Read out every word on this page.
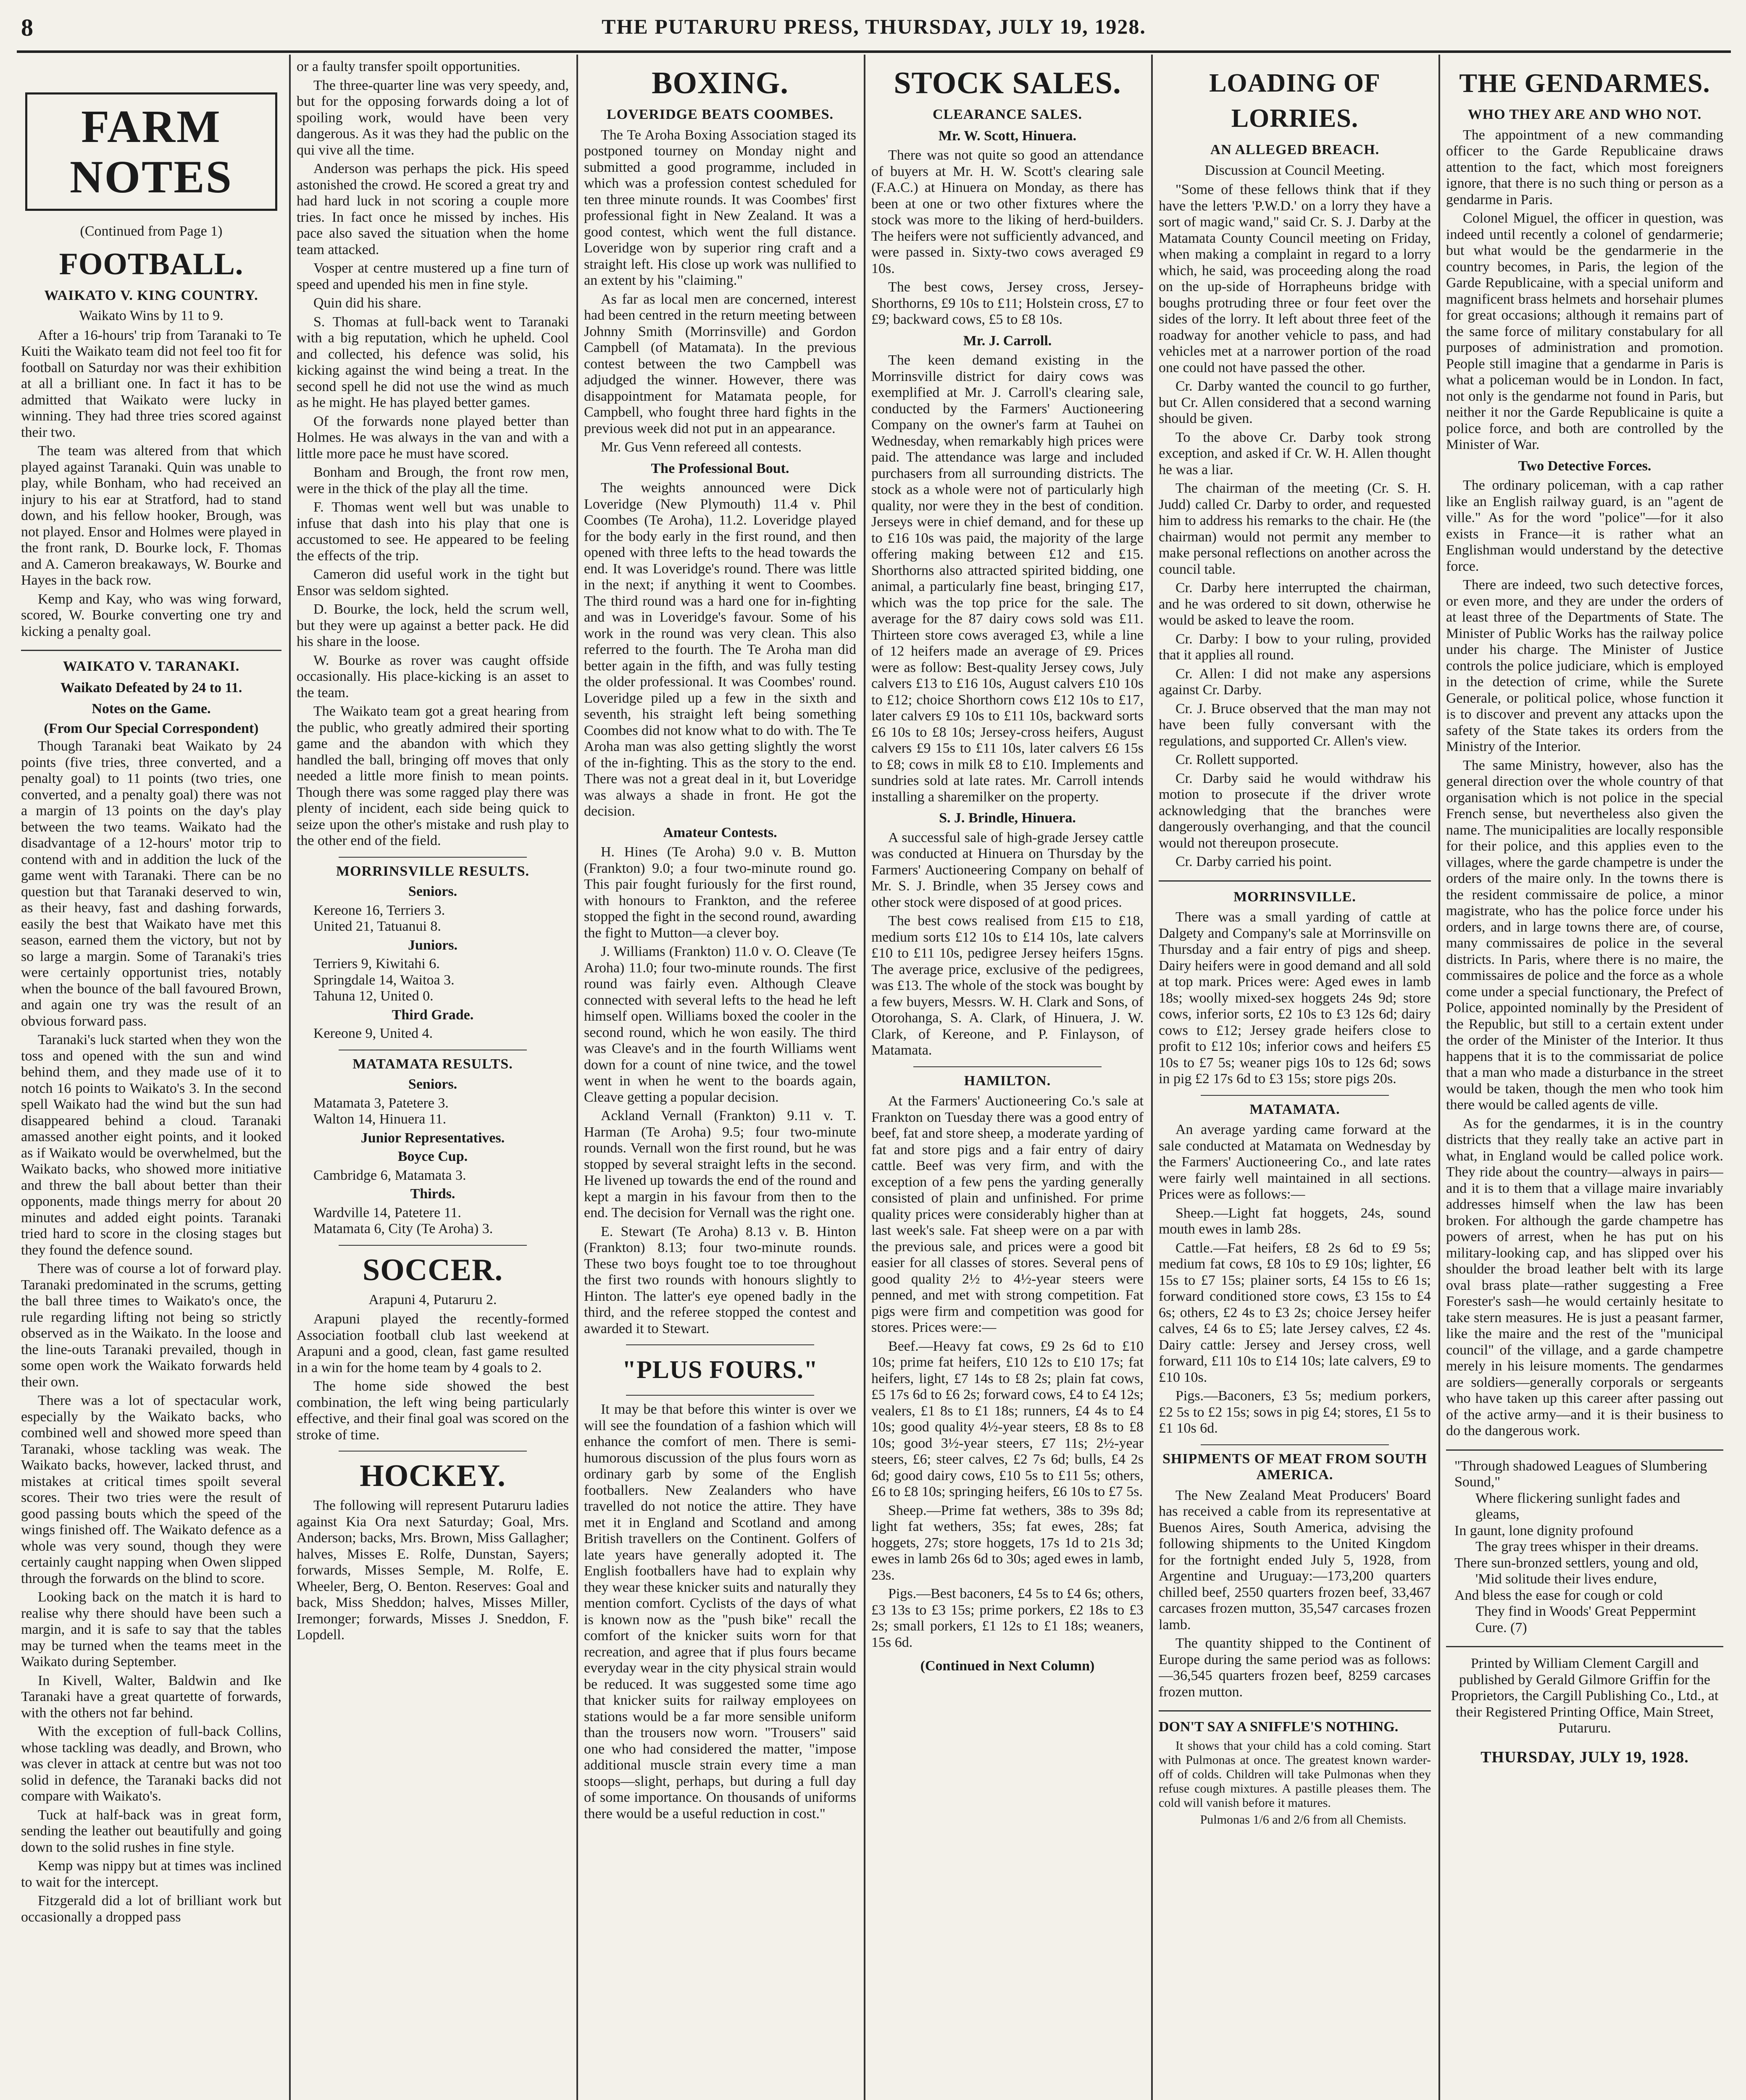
8	THE PUTARURU PRESS, THURSDAY, JULY 19, 1928.
FARM NOTES
(Continued from Page 1)
FOOTBALL.
WAIKATO V. KING COUNTRY.
Waikato Wins by 11 to 9.

After a 16-hours' trip from Taranaki to Te Kuiti the Waikato team did not feel too fit for football on Saturday nor was their exhibition at all a brilliant one. In fact it has to be admitted that Waikato were lucky in winning. They had three tries scored against their two.

The team was altered from that which played against Taranaki. Quin was unable to play, while Bonham, who had received an injury to his ear at Stratford, had to stand down, and his fellow hooker, Brough, was not played. Ensor and Holmes were played in the front rank, D. Bourke lock, F. Thomas and A. Cameron breakaways, W. Bourke and Hayes in the back row.

Kemp and Kay, who was wing forward, scored, W. Bourke converting one try and kicking a penalty goal.

WAIKATO V. TARANAKI.
Waikato Defeated by 24 to 11.
Notes on the Game.
(From Our Special Correspondent)

Though Taranaki beat Waikato by 24 points (five tries, three converted, and a penalty goal) to 11 points (two tries, one converted, and a penalty goal) there was not a margin of 13 points on the day's play between the two teams. Waikato had the disadvantage of a 12-hours' motor trip to contend with and in addition the luck of the game went with Taranaki. There can be no question but that Taranaki deserved to win, as their heavy, fast and dashing forwards, easily the best that Waikato have met this season, earned them the victory, but not by so large a margin. Some of Taranaki's tries were certainly opportunist tries, notably when the bounce of the ball favoured Brown, and again one try was the result of an obvious forward pass.

Taranaki's luck started when they won the toss and opened with the sun and wind behind them, and they made use of it to notch 16 points to Waikato's 3. In the second spell Waikato had the wind but the sun had disappeared behind a cloud. Taranaki amassed another eight points, and it looked as if Waikato would be overwhelmed, but the Waikato backs, who showed more initiative and threw the ball about better than their opponents, made things merry for about 20 minutes and added eight points. Taranaki tried hard to score in the closing stages but they found the defence sound.

There was of course a lot of forward play. Taranaki predominated in the scrums, getting the ball three times to Waikato's once, the rule regarding lifting not being so strictly observed as in the Waikato. In the loose and the line-outs Taranaki prevailed, though in some open work the Waikato forwards held their own.

There was a lot of spectacular work, especially by the Waikato backs, who combined well and showed more speed than Taranaki, whose tackling was weak. The Waikato backs, however, lacked thrust, and mistakes at critical times spoilt several scores. Their two tries were the result of good passing bouts which the speed of the wings finished off. The Waikato defence as a whole was very sound, though they were certainly caught napping when Owen slipped through the forwards on the blind to score.

Looking back on the match it is hard to realise why there should have been such a margin, and it is safe to say that the tables may be turned when the teams meet in the Waikato during September.

In Kivell, Walter, Baldwin and Ike Taranaki have a great quartette of forwards, with the others not far behind.

With the exception of full-back Collins, whose tackling was deadly, and Brown, who was clever in attack at centre but was not too solid in defence, the Taranaki backs did not compare with Waikato's.

Tuck at half-back was in great form, sending the leather out beautifully and going down to the solid rushes in fine style.

Kemp was nippy but at times was inclined to wait for the intercept.

Fitzgerald did a lot of brilliant work but occasionally a dropped pass

or a faulty transfer spoilt opportunities.

The three-quarter line was very speedy, and, but for the opposing forwards doing a lot of spoiling work, would have been very dangerous. As it was they had the public on the qui vive all the time.

Anderson was perhaps the pick. His speed astonished the crowd. He scored a great try and had hard luck in not scoring a couple more tries. In fact once he missed by inches. His pace also saved the situation when the home team attacked.

Vosper at centre mustered up a fine turn of speed and upended his men in fine style.

Quin did his share.

S. Thomas at full-back went to Taranaki with a big reputation, which he upheld. Cool and collected, his defence was solid, his kicking against the wind being a treat. In the second spell he did not use the wind as much as he might. He has played better games.

Of the forwards none played better than Holmes. He was always in the van and with a little more pace he must have scored.

Bonham and Brough, the front row men, were in the thick of the play all the time.

F. Thomas went well but was unable to infuse that dash into his play that one is accustomed to see. He appeared to be feeling the effects of the trip.

Cameron did useful work in the tight but Ensor was seldom sighted.

D. Bourke, the lock, held the scrum well, but they were up against a better pack. He did his share in the loose.

W. Bourke as rover was caught offside occasionally. His place-kicking is an asset to the team.

The Waikato team got a great hearing from the public, who greatly admired their sporting game and the abandon with which they handled the ball, bringing off moves that only needed a little more finish to mean points. Though there was some ragged play there was plenty of incident, each side being quick to seize upon the other's mistake and rush play to the other end of the field.

MORRINSVILLE RESULTS.
Seniors.
Kereone 16, Terriers 3.
United 21, Tatuanui 8.
Juniors.
Terriers 9, Kiwitahi 6.
Springdale 14, Waitoa 3.
Tahuna 12, United 0.
Third Grade.
Kereone 9, United 4.
MATAMATA RESULTS.
Seniors.
Matamata 3, Patetere 3.
Walton 14, Hinuera 11.
Junior Representatives.
Boyce Cup.
Cambridge 6, Matamata 3.
Thirds.
Wardville 14, Patetere 11.
Matamata 6, City (Te Aroha) 3.
SOCCER.
Arapuni 4, Putaruru 2.

Arapuni played the recently-formed Association football club last weekend at Arapuni and a good, clean, fast game resulted in a win for the home team by 4 goals to 2.

The home side showed the best combination, the left wing being particularly effective, and their final goal was scored on the stroke of time.

HOCKEY.

The following will represent Putaruru ladies against Kia Ora next Saturday; Goal, Mrs. Anderson; backs, Mrs. Brown, Miss Gallagher; halves, Misses E. Rolfe, Dunstan, Sayers; forwards, Misses Semple, M. Rolfe, E. Wheeler, Berg, O. Benton. Reserves: Goal and back, Miss Sheddon; halves, Misses Miller, Iremonger; forwards, Misses J. Sneddon, F. Lopdell.

BOXING.
LOVERIDGE BEATS COOMBES.

The Te Aroha Boxing Association staged its postponed tourney on Monday night and submitted a good programme, included in which was a profession contest scheduled for ten three minute rounds. It was Coombes' first professional fight in New Zealand. It was a good contest, which went the full distance. Loveridge won by superior ring craft and a straight left. His close up work was nullified to an extent by his "claiming."

As far as local men are concerned, interest had been centred in the return meeting between Johnny Smith (Morrinsville) and Gordon Campbell (of Matamata). In the previous contest between the two Campbell was adjudged the winner. However, there was disappointment for Matamata people, for Campbell, who fought three hard fights in the previous week did not put in an appearance.

Mr. Gus Venn refereed all contests.

The Professional Bout.

The weights announced were Dick Loveridge (New Plymouth) 11.4 v. Phil Coombes (Te Aroha), 11.2. Loveridge played for the body early in the first round, and then opened with three lefts to the head towards the end. It was Loveridge's round. There was little in the next; if anything it went to Coombes. The third round was a hard one for in-fighting and was in Loveridge's favour. Some of his work in the round was very clean. This also referred to the fourth. The Te Aroha man did better again in the fifth, and was fully testing the older professional. It was Coombes' round. Loveridge piled up a few in the sixth and seventh, his straight left being something Coombes did not know what to do with. The Te Aroha man was also getting slightly the worst of the in-fighting. This as the story to the end. There was not a great deal in it, but Loveridge was always a shade in front. He got the decision.

Amateur Contests.

H. Hines (Te Aroha) 9.0 v. B. Mutton (Frankton) 9.0; a four two-minute round go. This pair fought furiously for the first round, with honours to Frankton, and the referee stopped the fight in the second round, awarding the fight to Mutton—a clever boy.

J. Williams (Frankton) 11.0 v. O. Cleave (Te Aroha) 11.0; four two-minute rounds. The first round was fairly even. Although Cleave connected with several lefts to the head he left himself open. Williams boxed the cooler in the second round, which he won easily. The third was Cleave's and in the fourth Williams went down for a count of nine twice, and the towel went in when he went to the boards again, Cleave getting a popular decision.

Ackland Vernall (Frankton) 9.11 v. T. Harman (Te Aroha) 9.5; four two-minute rounds. Vernall won the first round, but he was stopped by several straight lefts in the second. He livened up towards the end of the round and kept a margin in his favour from then to the end. The decision for Vernall was the right one.

E. Stewart (Te Aroha) 8.13 v. B. Hinton (Frankton) 8.13; four two-minute rounds. These two boys fought toe to toe throughout the first two rounds with honours slightly to Hinton. The latter's eye opened badly in the third, and the referee stopped the contest and awarded it to Stewart.

"PLUS FOURS."

It may be that before this winter is over we will see the foundation of a fashion which will enhance the comfort of men. There is semi-humorous discussion of the plus fours worn as ordinary garb by some of the English footballers. New Zealanders who have travelled do not notice the attire. They have met it in England and Scotland and among British travellers on the Continent. Golfers of late years have generally adopted it. The English footballers have had to explain why they wear these knicker suits and naturally they mention comfort. Cyclists of the days of what is known now as the "push bike" recall the comfort of the knicker suits worn for that recreation, and agree that if plus fours became everyday wear in the city physical strain would be reduced. It was suggested some time ago that knicker suits for railway employees on stations would be a far more sensible uniform than the trousers now worn. "Trousers" said one who had considered the matter, "impose additional muscle strain every time a man stoops—slight, perhaps, but during a full day of some importance. On thousands of uniforms there would be a useful reduction in cost."

STOCK SALES.
CLEARANCE SALES.
Mr. W. Scott, Hinuera.

There was not quite so good an attendance of buyers at Mr. H. W. Scott's clearing sale (F.A.C.) at Hinuera on Monday, as there has been at one or two other fixtures where the stock was more to the liking of herd-builders. The heifers were not sufficiently advanced, and were passed in. Sixty-two cows averaged £9 10s.

The best cows, Jersey cross, Jersey-Shorthorns, £9 10s to £11; Holstein cross, £7 to £9; backward cows, £5 to £8 10s.

Mr. J. Carroll.

The keen demand existing in the Morrinsville district for dairy cows was exemplified at Mr. J. Carroll's clearing sale, conducted by the Farmers' Auctioneering Company on the owner's farm at Tauhei on Wednesday, when remarkably high prices were paid. The attendance was large and included purchasers from all surrounding districts. The stock as a whole were not of particularly high quality, nor were they in the best of condition. Jerseys were in chief demand, and for these up to £16 10s was paid, the majority of the large offering making between £12 and £15. Shorthorns also attracted spirited bidding, one animal, a particularly fine beast, bringing £17, which was the top price for the sale. The average for the 87 dairy cows sold was £11. Thirteen store cows averaged £3, while a line of 12 heifers made an average of £9. Prices were as follow: Best-quality Jersey cows, July calvers £13 to £16 10s, August calvers £10 10s to £12; choice Shorthorn cows £12 10s to £17, later calvers £9 10s to £11 10s, backward sorts £6 10s to £8 10s; Jersey-cross heifers, August calvers £9 15s to £11 10s, later calvers £6 15s to £8; cows in milk £8 to £10. Implements and sundries sold at late rates. Mr. Carroll intends installing a sharemilker on the property.

S. J. Brindle, Hinuera.

A successful sale of high-grade Jersey cattle was conducted at Hinuera on Thursday by the Farmers' Auctioneering Company on behalf of Mr. S. J. Brindle, when 35 Jersey cows and other stock were disposed of at good prices.

The best cows realised from £15 to £18, medium sorts £12 10s to £14 10s, late calvers £10 to £11 10s, pedigree Jersey heifers 15gns. The average price, exclusive of the pedigrees, was £13. The whole of the stock was bought by a few buyers, Messrs. W. H. Clark and Sons, of Otorohanga, S. A. Clark, of Hinuera, J. W. Clark, of Kereone, and P. Finlayson, of Matamata.

HAMILTON.

At the Farmers' Auctioneering Co.'s sale at Frankton on Tuesday there was a good entry of beef, fat and store sheep, a moderate yarding of fat and store pigs and a fair entry of dairy cattle. Beef was very firm, and with the exception of a few pens the yarding generally consisted of plain and unfinished. For prime quality prices were considerably higher than at last week's sale. Fat sheep were on a par with the previous sale, and prices were a good bit easier for all classes of stores. Several pens of good quality 2½ to 4½-year steers were penned, and met with strong competition. Fat pigs were firm and competition was good for stores. Prices were:—

Beef.—Heavy fat cows, £9 2s 6d to £10 10s; prime fat heifers, £10 12s to £10 17s; fat heifers, light, £7 14s to £8 2s; plain fat cows, £5 17s 6d to £6 2s; forward cows, £4 to £4 12s; vealers, £1 8s to £1 18s; runners, £4 4s to £4 10s; good quality 4½-year steers, £8 8s to £8 10s; good 3½-year steers, £7 11s; 2½-year steers, £6; steer calves, £2 7s 6d; bulls, £4 2s 6d; good dairy cows, £10 5s to £11 5s; others, £6 to £8 10s; springing heifers, £6 10s to £7 5s.

Sheep.—Prime fat wethers, 38s to 39s 8d; light fat wethers, 35s; fat ewes, 28s; fat hoggets, 27s; store hoggets, 17s 1d to 21s 3d; ewes in lamb 26s 6d to 30s; aged ewes in lamb, 23s.

Pigs.—Best baconers, £4 5s to £4 6s; others, £3 13s to £3 15s; prime porkers, £2 18s to £3 2s; small porkers, £1 12s to £1 18s; weaners, 15s 6d.

(Continued in Next Column)
LOADING OF LORRIES.
AN ALLEGED BREACH.
Discussion at Council Meeting.

"Some of these fellows think that if they have the letters 'P.W.D.' on a lorry they have a sort of magic wand," said Cr. S. J. Darby at the Matamata County Council meeting on Friday, when making a complaint in regard to a lorry which, he said, was proceeding along the road on the up-side of Horrapheuns bridge with boughs protruding three or four feet over the sides of the lorry. It left about three feet of the roadway for another vehicle to pass, and had vehicles met at a narrower portion of the road one could not have passed the other.

Cr. Darby wanted the council to go further, but Cr. Allen considered that a second warning should be given.

To the above Cr. Darby took strong exception, and asked if Cr. W. H. Allen thought he was a liar.

The chairman of the meeting (Cr. S. H. Judd) called Cr. Darby to order, and requested him to address his remarks to the chair. He (the chairman) would not permit any member to make personal reflections on another across the council table.

Cr. Darby here interrupted the chairman, and he was ordered to sit down, otherwise he would be asked to leave the room.

Cr. Darby: I bow to your ruling, provided that it applies all round.

Cr. Allen: I did not make any aspersions against Cr. Darby.

Cr. J. Bruce observed that the man may not have been fully conversant with the regulations, and supported Cr. Allen's view.

Cr. Rollett supported.

Cr. Darby said he would withdraw his motion to prosecute if the driver wrote acknowledging that the branches were dangerously overhanging, and that the council would not thereupon prosecute.

Cr. Darby carried his point.

MORRINSVILLE.

There was a small yarding of cattle at Dalgety and Company's sale at Morrinsville on Thursday and a fair entry of pigs and sheep. Dairy heifers were in good demand and all sold at top mark. Prices were: Aged ewes in lamb 18s; woolly mixed-sex hoggets 24s 9d; store cows, inferior sorts, £2 10s to £3 12s 6d; dairy cows to £12; Jersey grade heifers close to profit to £12 10s; inferior cows and heifers £5 10s to £7 5s; weaner pigs 10s to 12s 6d; sows in pig £2 17s 6d to £3 15s; store pigs 20s.

MATAMATA.

An average yarding came forward at the sale conducted at Matamata on Wednesday by the Farmers' Auctioneering Co., and late rates were fairly well maintained in all sections. Prices were as follows:—

Sheep.—Light fat hoggets, 24s, sound mouth ewes in lamb 28s.

Cattle.—Fat heifers, £8 2s 6d to £9 5s; medium fat cows, £8 10s to £9 10s; lighter, £6 15s to £7 15s; plainer sorts, £4 15s to £6 1s; forward conditioned store cows, £3 15s to £4 6s; others, £2 4s to £3 2s; choice Jersey heifer calves, £4 6s to £5; late Jersey calves, £2 4s. Dairy cattle: Jersey and Jersey cross, well forward, £11 10s to £14 10s; late calvers, £9 to £10 10s.

Pigs.—Baconers, £3 5s; medium porkers, £2 5s to £2 15s; sows in pig £4; stores, £1 5s to £1 10s 6d.

SHIPMENTS OF MEAT FROM SOUTH AMERICA.

The New Zealand Meat Producers' Board has received a cable from its representative at Buenos Aires, South America, advising the following shipments to the United Kingdom for the fortnight ended July 5, 1928, from Argentine and Uruguay:—173,200 quarters chilled beef, 2550 quarters frozen beef, 33,467 carcases frozen mutton, 35,547 carcases frozen lamb.

The quantity shipped to the Continent of Europe during the same period was as follows:—36,545 quarters frozen beef, 8259 carcases frozen mutton.

DON'T SAY A SNIFFLE'S NOTHING.

It shows that your child has a cold coming. Start with Pulmonas at once. The greatest known warder-off of colds. Children will take Pulmonas when they refuse cough mixtures. A pastille pleases them. The cold will vanish before it matures.

Pulmonas 1/6 and 2/6 from all Chemists.

THE GENDARMES.
WHO THEY ARE AND WHO NOT.

The appointment of a new commanding officer to the Garde Republicaine draws attention to the fact, which most foreigners ignore, that there is no such thing or person as a gendarme in Paris.

Colonel Miguel, the officer in question, was indeed until recently a colonel of gendarmerie; but what would be the gendarmerie in the country becomes, in Paris, the legion of the Garde Republicaine, with a special uniform and magnificent brass helmets and horsehair plumes for great occasions; although it remains part of the same force of military constabulary for all purposes of administration and promotion. People still imagine that a gendarme in Paris is what a policeman would be in London. In fact, not only is the gendarme not found in Paris, but neither it nor the Garde Republicaine is quite a police force, and both are controlled by the Minister of War.

Two Detective Forces.

The ordinary policeman, with a cap rather like an English railway guard, is an "agent de ville." As for the word "police"—for it also exists in France—it is rather what an Englishman would understand by the detective force.

There are indeed, two such detective forces, or even more, and they are under the orders of at least three of the Departments of State. The Minister of Public Works has the railway police under his charge. The Minister of Justice controls the police judiciare, which is employed in the detection of crime, while the Surete Generale, or political police, whose function it is to discover and prevent any attacks upon the safety of the State takes its orders from the Ministry of the Interior.

The same Ministry, however, also has the general direction over the whole country of that organisation which is not police in the special French sense, but nevertheless also given the name. The municipalities are locally responsible for their police, and this applies even to the villages, where the garde champetre is under the orders of the maire only. In the towns there is the resident commissaire de police, a minor magistrate, who has the police force under his orders, and in large towns there are, of course, many commissaires de police in the several districts. In Paris, where there is no maire, the commissaires de police and the force as a whole come under a special functionary, the Prefect of Police, appointed nominally by the President of the Republic, but still to a certain extent under the order of the Minister of the Interior. It thus happens that it is to the commissariat de police that a man who made a disturbance in the street would be taken, though the men who took him there would be called agents de ville.

As for the gendarmes, it is in the country districts that they really take an active part in what, in England would be called police work. They ride about the country—always in pairs—and it is to them that a village maire invariably addresses himself when the law has been broken. For although the garde champetre has powers of arrest, when he has put on his military-looking cap, and has slipped over his shoulder the broad leather belt with its large oval brass plate—rather suggesting a Free Forester's sash—he would certainly hesitate to take stern measures. He is just a peasant farmer, like the maire and the rest of the "municipal council" of the village, and a garde champetre merely in his leisure moments. The gendarmes are soldiers—generally corporals or sergeants who have taken up this career after passing out of the active army—and it is their business to do the dangerous work.

"Through shadowed Leagues of Slumbering Sound,"
Where flickering sunlight fades and gleams,
In gaunt, lone dignity profound
The gray trees whisper in their dreams.
There sun-bronzed settlers, young and old,
'Mid solitude their lives endure,
And bless the ease for cough or cold
They find in Woods' Great Peppermint Cure. (7)
Printed by William Clement Cargill and published by Gerald Gilmore Griffin for the Proprietors, the Cargill Publishing Co., Ltd., at their Registered Printing Office, Main Street, Putaruru.
THURSDAY, JULY 19, 1928.
